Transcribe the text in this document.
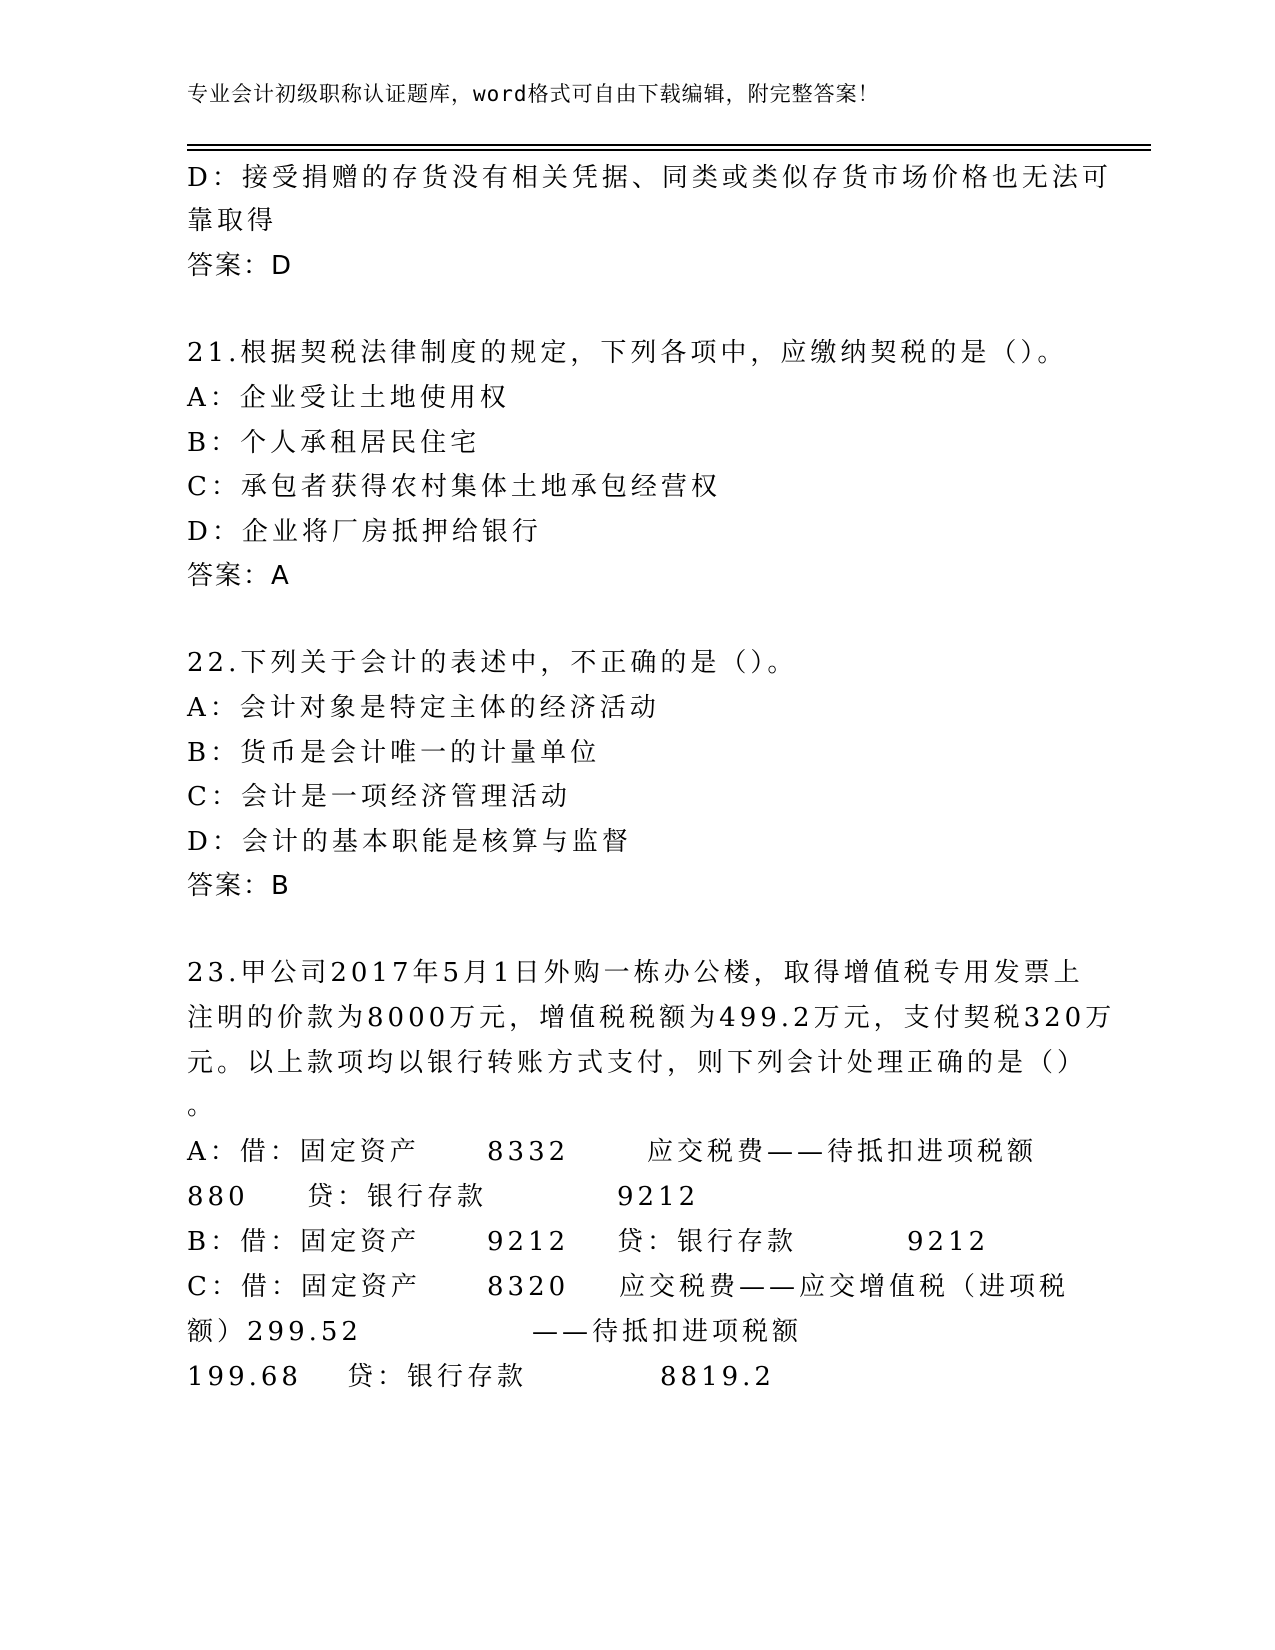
专业会计初级职称认证题库，word格式可自由下载编辑，附完整答案！
D：接受捐赠的存货没有相关凭据、同类或类似存货市场价格也无法可
靠取得
答案：D
21.根据契税法律制度的规定，下列各项中，应缴纳契税的是（）。
A：企业受让土地使用权
B：个人承租居民住宅
C：承包者获得农村集体土地承包经营权
D：企业将厂房抵押给银行
答案：A
22.下列关于会计的表述中，不正确的是（）。
A：会计对象是特定主体的经济活动
B：货币是会计唯一的计量单位
C：会计是一项经济管理活动
D：会计的基本职能是核算与监督
答案：B
23.甲公司2017年5月1日外购一栋办公楼，取得增值税专用发票上
注明的价款为8000万元，增值税税额为499.2万元，支付契税320万
元。以上款项均以银行转账方式支付，则下列会计处理正确的是（）
。
A：借：固定资产	8332	应交税费——待抵扣进项税额
880 贷：银行存款	9212
B：借：固定资产	9212 贷：银行存款	9212
C：借：固定资产	8320 应交税费——应交增值税（进项税
额）299.52	——待抵扣进项税额
199.68 贷：银行存款	8819.2
